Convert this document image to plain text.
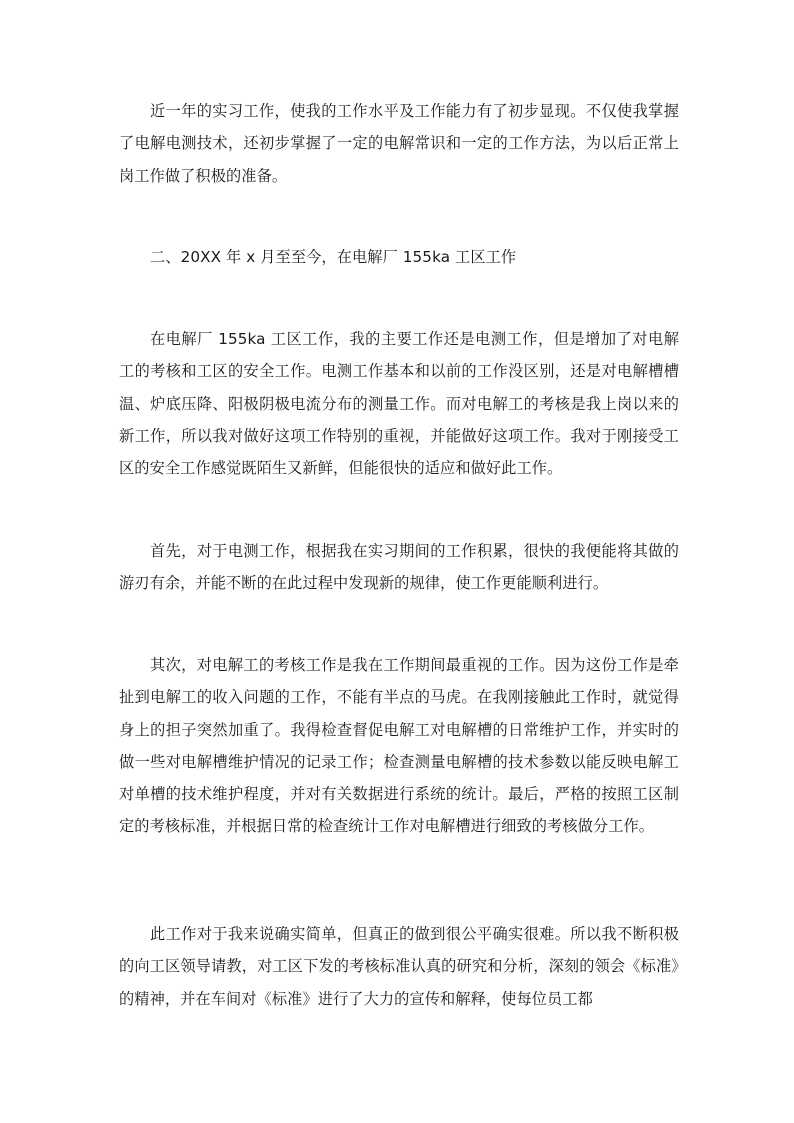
近一年的实习工作，使我的工作水平及工作能力有了初步显现。不仅使我掌握了电解电测技术，还初步掌握了一定的电解常识和一定的工作方法，为以后正常上岗工作做了积极的准备。

二、20XX 年 x 月至至今，在电解厂 155ka 工区工作

在电解厂 155ka 工区工作，我的主要工作还是电测工作，但是增加了对电解工的考核和工区的安全工作。电测工作基本和以前的工作没区别，还是对电解槽槽温、炉底压降、阳极阴极电流分布的测量工作。而对电解工的考核是我上岗以来的新工作，所以我对做好这项工作特别的重视，并能做好这项工作。我对于刚接受工区的安全工作感觉既陌生又新鲜，但能很快的适应和做好此工作。

首先，对于电测工作，根据我在实习期间的工作积累，很快的我便能将其做的游刃有余，并能不断的在此过程中发现新的规律，使工作更能顺利进行。

其次，对电解工的考核工作是我在工作期间最重视的工作。因为这份工作是牵扯到电解工的收入问题的工作，不能有半点的马虎。在我刚接触此工作时，就觉得身上的担子突然加重了。我得检查督促电解工对电解槽的日常维护工作，并实时的做一些对电解槽维护情况的记录工作；检查测量电解槽的技术参数以能反映电解工对单槽的技术维护程度，并对有关数据进行系统的统计。最后，严格的按照工区制定的考核标准，并根据日常的检查统计工作对电解槽进行细致的考核做分工作。

此工作对于我来说确实简单，但真正的做到很公平确实很难。所以我不断积极的向工区领导请教，对工区下发的考核标准认真的研究和分析，深刻的领会《标准》的精神，并在车间对《标准》进行了大力的宣传和解释，使每位员工都
